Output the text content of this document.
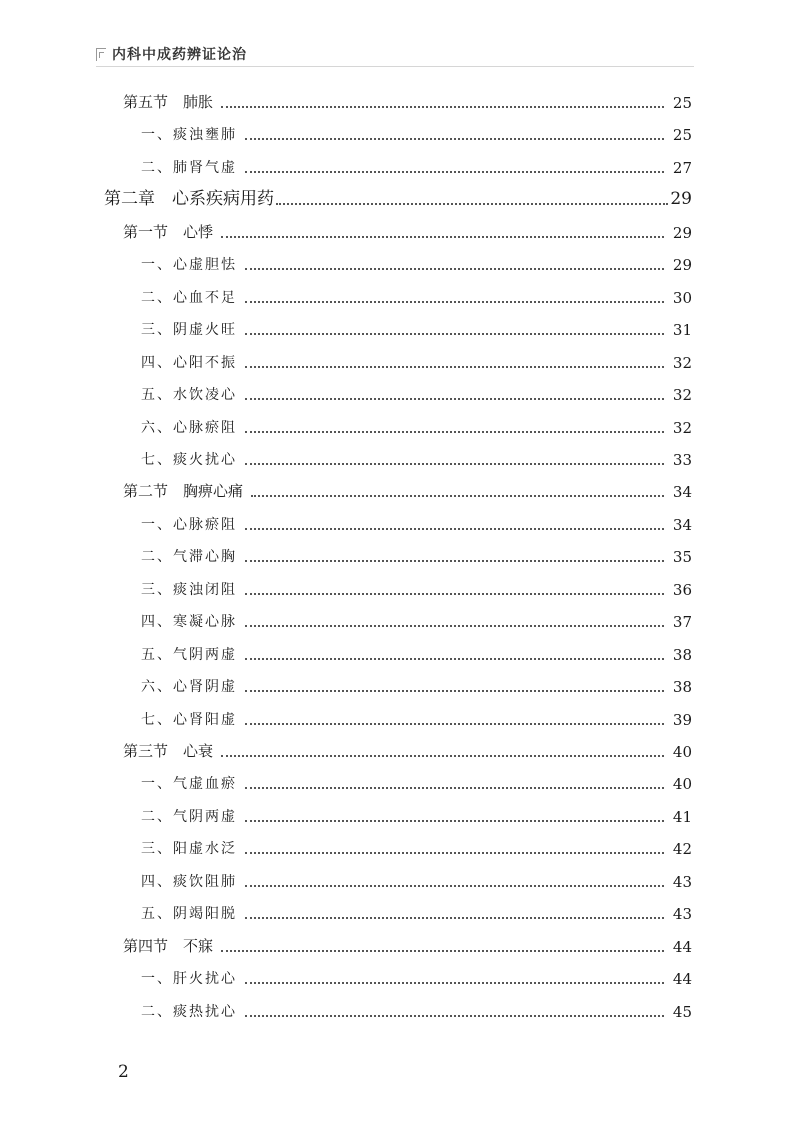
内科中成药辨证论治
第五节　肺胀	25
一、痰浊壅肺	25
二、肺肾气虚	27
第二章　心系疾病用药	29
第一节　心悸	29
一、心虚胆怯	29
二、心血不足	30
三、阴虚火旺	31
四、心阳不振	32
五、水饮凌心	32
六、心脉瘀阻	32
七、痰火扰心	33
第二节　胸痹心痛	34
一、心脉瘀阻	34
二、气滞心胸	35
三、痰浊闭阻	36
四、寒凝心脉	37
五、气阴两虚	38
六、心肾阴虚	38
七、心肾阳虚	39
第三节　心衰	40
一、气虚血瘀	40
二、气阴两虚	41
三、阳虚水泛	42
四、痰饮阻肺	43
五、阴竭阳脱	43
第四节　不寐	44
一、肝火扰心	44
二、痰热扰心	45
2
